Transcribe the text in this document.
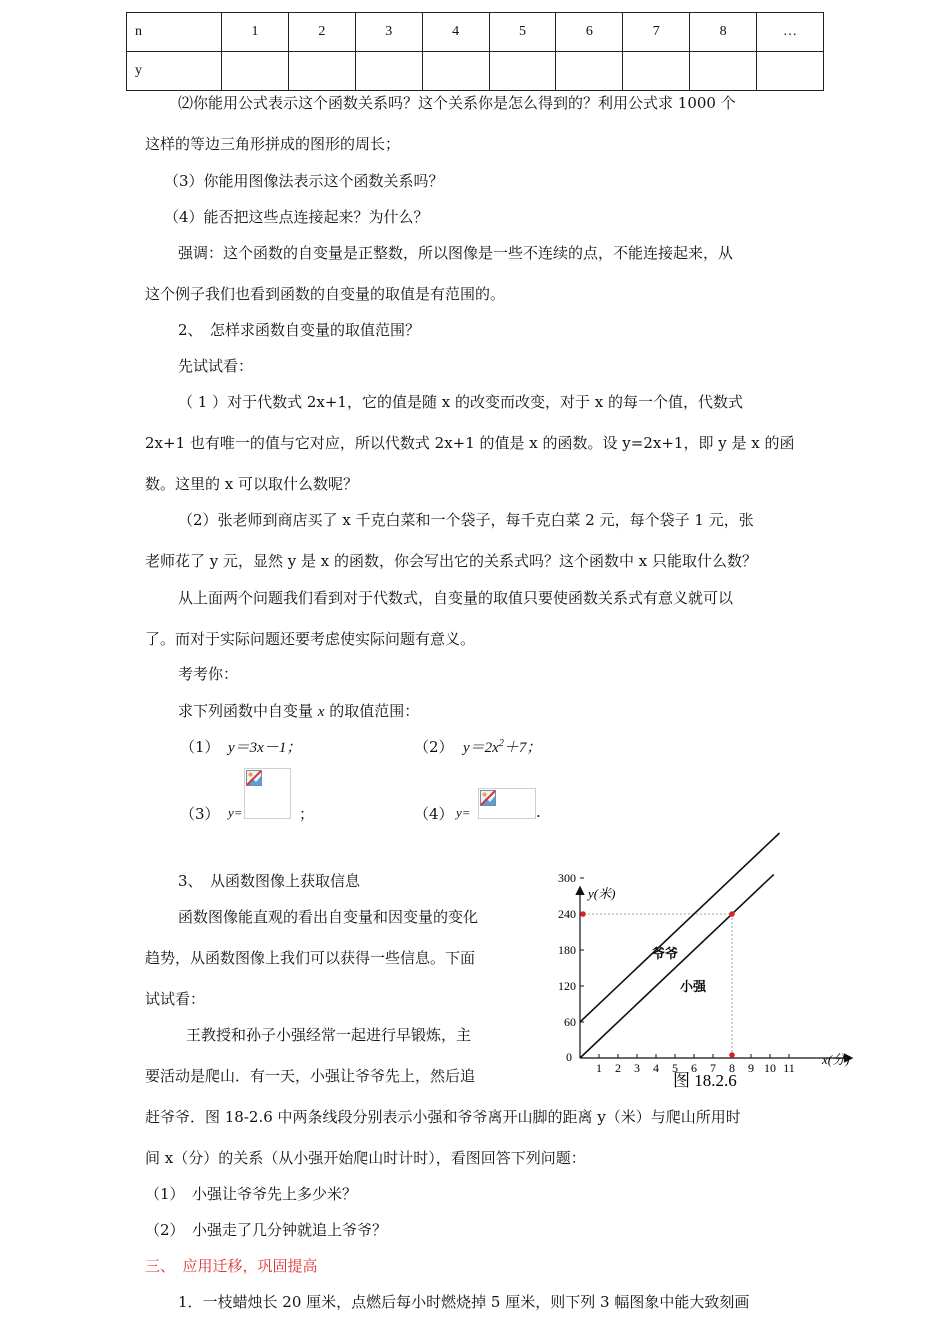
n	1	2	3	4	5	6	7	8	…
y									
⑵你能用公式表示这个函数关系吗？这个关系你是怎么得到的？利用公式求 1000 个
这样的等边三角形拼成的图形的周长；
（3）你能用图像法表示这个函数关系吗？
（4）能否把这些点连接起来？为什么？
强调：这个函数的自变量是正整数，所以图像是一些不连续的点，不能连接起来，从
这个例子我们也看到函数的自变量的取值是有范围的。
2、　怎样求函数自变量的取值范围？
先试试看：
（ 1 ）对于代数式 2x+1，它的值是随 x 的改变而改变，对于 x 的每一个值，代数式
2x+1 也有唯一的值与它对应，所以代数式 2x+1 的值是 x 的函数。设 y=2x+1，即 y 是 x 的函
数。这里的 x 可以取什么数呢？
（2）张老师到商店买了 x 千克白菜和一个袋子，每千克白菜 2 元，每个袋子 1 元，张
老师花了 y 元，显然 y 是 x 的函数，你会写出它的关系式吗？这个函数中 x 只能取什么数？
从上面两个问题我们看到对于代数式，自变量的取值只要使函数关系式有意义就可以
了。而对于实际问题还要考虑使实际问题有意义。
考考你：
求下列函数中自变量 x 的取值范围：
（1） y＝3x－1；	（2） $y=2x^2+7$；
（3） y=	；	（4） y=	.
3、　从函数图像上获取信息
函数图像能直观的看出自变量和因变量的变化
趋势，从函数图像上我们可以获得一些信息。下面
试试看：
王教授和孙子小强经常一起进行早锻炼，主
要活动是爬山．有一天，小强让爷爷先上，然后追
赶爷爷．图 18-2.6 中两条线段分别表示小强和爷爷离开山脚的距离 y（米）与爬山所用时
间 x（分）的关系（从小强开始爬山时计时），看图回答下列问题：
（1）　小强让爷爷先上多少米？
（2）　小强走了几分钟就追上爷爷？
三、　应用迁移，巩固提高
1．一枝蜡烛长 20 厘米，点燃后每小时燃烧掉 5 厘米，则下列 3 幅图象中能大致刻画
1 2 3 4 5 6 7 8 9 10 11
60
120
180
240
300
y(米)
x(分)
0
爷爷
小强
图 18.2.6
